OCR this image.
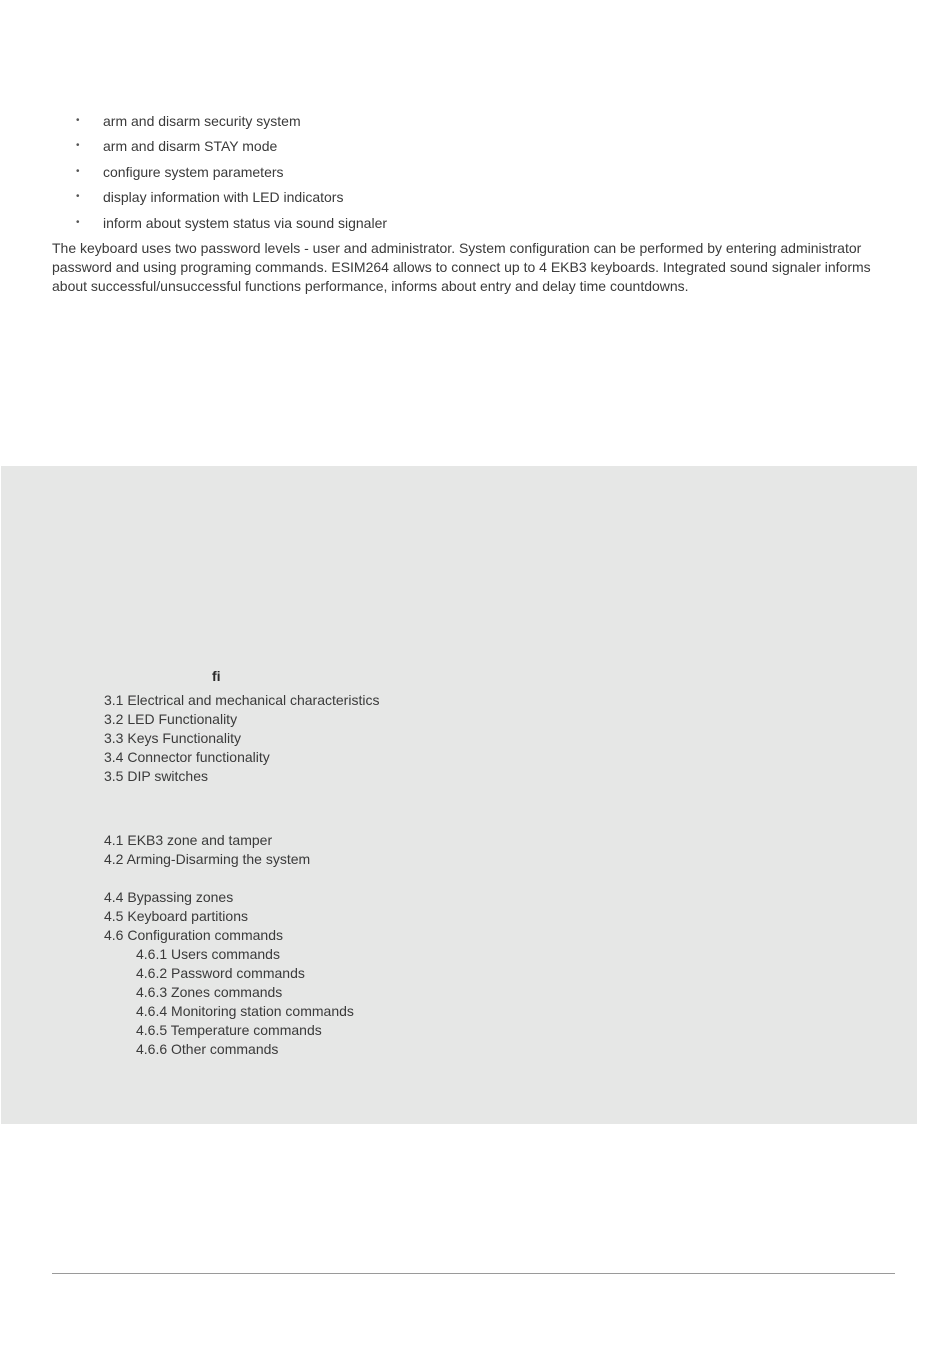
• arm and disarm security system
• arm and disarm STAY mode
• configure system parameters
• display information with LED indicators
• inform about system status via sound signaler

The keyboard uses two password levels - user and administrator. System configuration can be performed by entering administrator password and using programing commands. ESIM264 allows to connect up to 4 EKB3 keyboards. Integrated sound signaler informs about successful/unsuccessful functions performance, informs about entry and delay time countdowns.

ﬁ
3.1 Electrical and mechanical characteristics
3.2 LED Functionality
3.3 Keys Functionality
3.4 Connector functionality
3.5 DIP switches
4.1 EKB3 zone and tamper
4.2 Arming-Disarming the system
4.4 Bypassing zones
4.5 Keyboard partitions
4.6 Configuration commands
4.6.1 Users commands
4.6.2 Password commands
4.6.3 Zones commands
4.6.4 Monitoring station commands
4.6.5 Temperature commands
4.6.6 Other commands
